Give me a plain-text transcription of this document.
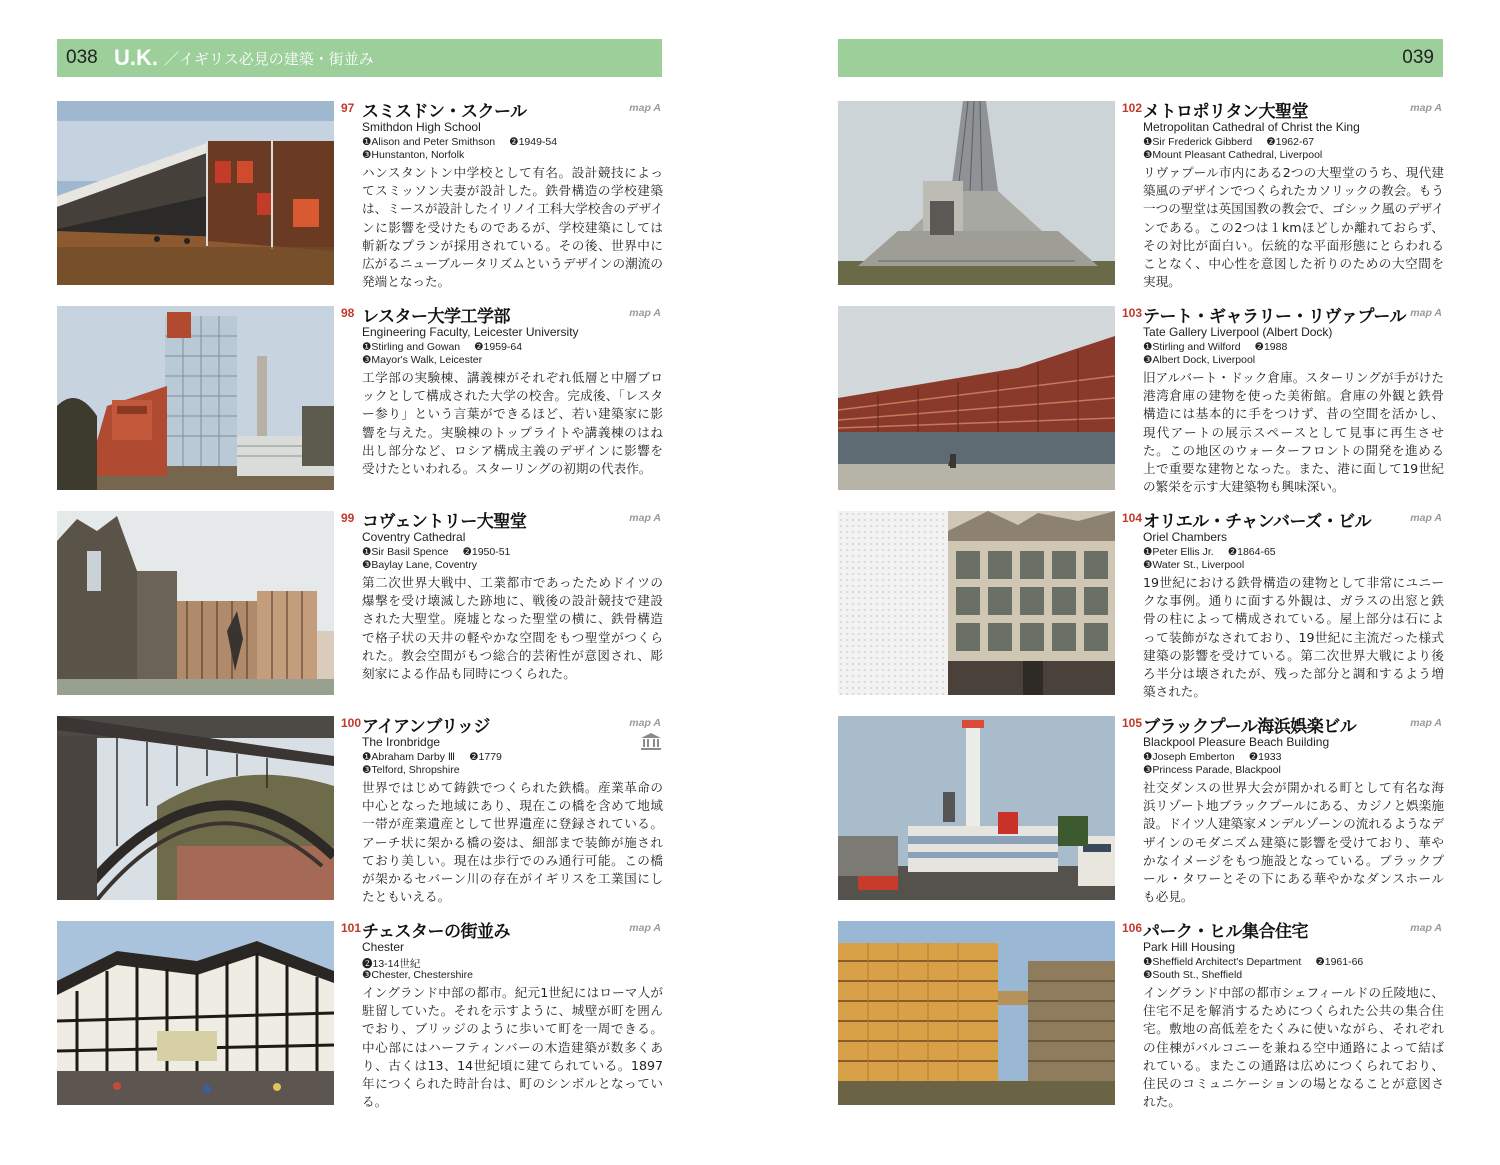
038 U.K. ／イギリス必見の建築・街並み	039
97 スミスドン・スクール	map A
Smithdon High School
❶Alison and Peter Smithson ❷1949-54
❸Hunstanton, Norfolk
ハンスタントン中学校として有名。設計競技によってスミッソン夫妻が設計した。鉄骨構造の学校建築は、ミースが設計したイリノイ工科大学校舎のデザインに影響を受けたものであるが、学校建築にしては斬新なプランが採用されている。その後、世界中に広がるニューブルータリズムというデザインの潮流の発端となった。
98 レスター大学工学部	map A
Engineering Faculty, Leicester University
❶Stirling and Gowan ❷1959-64
❸Mayor's Walk, Leicester
工学部の実験棟、講義棟がそれぞれ低層と中層ブロックとして構成された大学の校舎。完成後、「レスター参り」という言葉ができるほど、若い建築家に影響を与えた。実験棟のトップライトや講義棟のはね出し部分など、ロシア構成主義のデザインに影響を受けたといわれる。スターリングの初期の代表作。
99 コヴェントリー大聖堂	map A
Coventry Cathedral
❶Sir Basil Spence ❷1950-51
❸Baylay Lane, Coventry
第二次世界大戦中、工業都市であったためドイツの爆撃を受け壊滅した跡地に、戦後の設計競技で建設された大聖堂。廃墟となった聖堂の横に、鉄骨構造で格子状の天井の軽やかな空間をもつ聖堂がつくられた。教会空間がもつ総合的芸術性が意図され、彫刻家による作品も同時につくられた。
100 アイアンブリッジ	map A
The Ironbridge
❶Abraham Darby Ⅲ ❷1779
❸Telford, Shropshire
世界ではじめて鋳鉄でつくられた鉄橋。産業革命の中心となった地域にあり、現在この橋を含めて地域一帯が産業遺産として世界遺産に登録されている。アーチ状に架かる橋の姿は、細部まで装飾が施されており美しい。現在は歩行でのみ通行可能。この橋が架かるセバーン川の存在がイギリスを工業国にしたともいえる。
101 チェスターの街並み	map A
Chester
❷13-14世紀
❸Chester, Chestershire
イングランド中部の都市。紀元1世紀にはローマ人が駐留していた。それを示すように、城壁が町を囲んでおり、ブリッジのように歩いて町を一周できる。中心部にはハーフティンバーの木造建築が数多くあり、古くは13、14世紀頃に建てられている。1897年につくられた時計台は、町のシンボルとなっている。
102 メトロポリタン大聖堂	map A
Metropolitan Cathedral of Christ the King
❶Sir Frederick Gibberd ❷1962-67
❸Mount Pleasant Cathedral, Liverpool
リヴァプール市内にある2つの大聖堂のうち、現代建築風のデザインでつくられたカソリックの教会。もう一つの聖堂は英国国教の教会で、ゴシック風のデザインである。この2つは１kmほどしか離れておらず、その対比が面白い。伝統的な平面形態にとらわれることなく、中心性を意図した祈りのための大空間を実現。
103 テート・ギャラリー・リヴァプール map A
Tate Gallery Liverpool (Albert Dock)
❶Stirling and Wilford ❷1988
❸Albert Dock, Liverpool
旧アルバート・ドック倉庫。スターリングが手がけた港湾倉庫の建物を使った美術館。倉庫の外観と鉄骨構造には基本的に手をつけず、昔の空間を活かし、現代アートの展示スペースとして見事に再生させた。この地区のウォーターフロントの開発を進める上で重要な建物となった。また、港に面して19世紀の繁栄を示す大建築物も興味深い。
104 オリエル・チャンバーズ・ビル	map A
Oriel Chambers
❶Peter Ellis Jr. ❷1864-65
❸Water St., Liverpool
19世紀における鉄骨構造の建物として非常にユニークな事例。通りに面する外観は、ガラスの出窓と鉄骨の柱によって構成されている。屋上部分は石によって装飾がなされており、19世紀に主流だった様式建築の影響を受けている。第二次世界大戦により後ろ半分は壊されたが、残った部分と調和するよう増築された。
105 ブラックプール海浜娯楽ビル	map A
Blackpool Pleasure Beach Building
❶Joseph Emberton ❷1933
❸Princess Parade, Blackpool
社交ダンスの世界大会が開かれる町として有名な海浜リゾート地ブラックプールにある、カジノと娯楽施設。ドイツ人建築家メンデルゾーンの流れるようなデザインのモダニズム建築に影響を受けており、華やかなイメージをもつ施設となっている。ブラックプール・タワーとその下にある華やかなダンスホールも必見。
106 パーク・ヒル集合住宅	map A
Park Hill Housing
❶Sheffield Architect's Department ❷1961-66
❸South St., Sheffield
イングランド中部の都市シェフィールドの丘陵地に、住宅不足を解消するためにつくられた公共の集合住宅。敷地の高低差をたくみに使いながら、それぞれの住棟がバルコニーを兼ねる空中通路によって結ばれている。またこの通路は広めにつくられており、住民のコミュニケーションの場となることが意図された。
